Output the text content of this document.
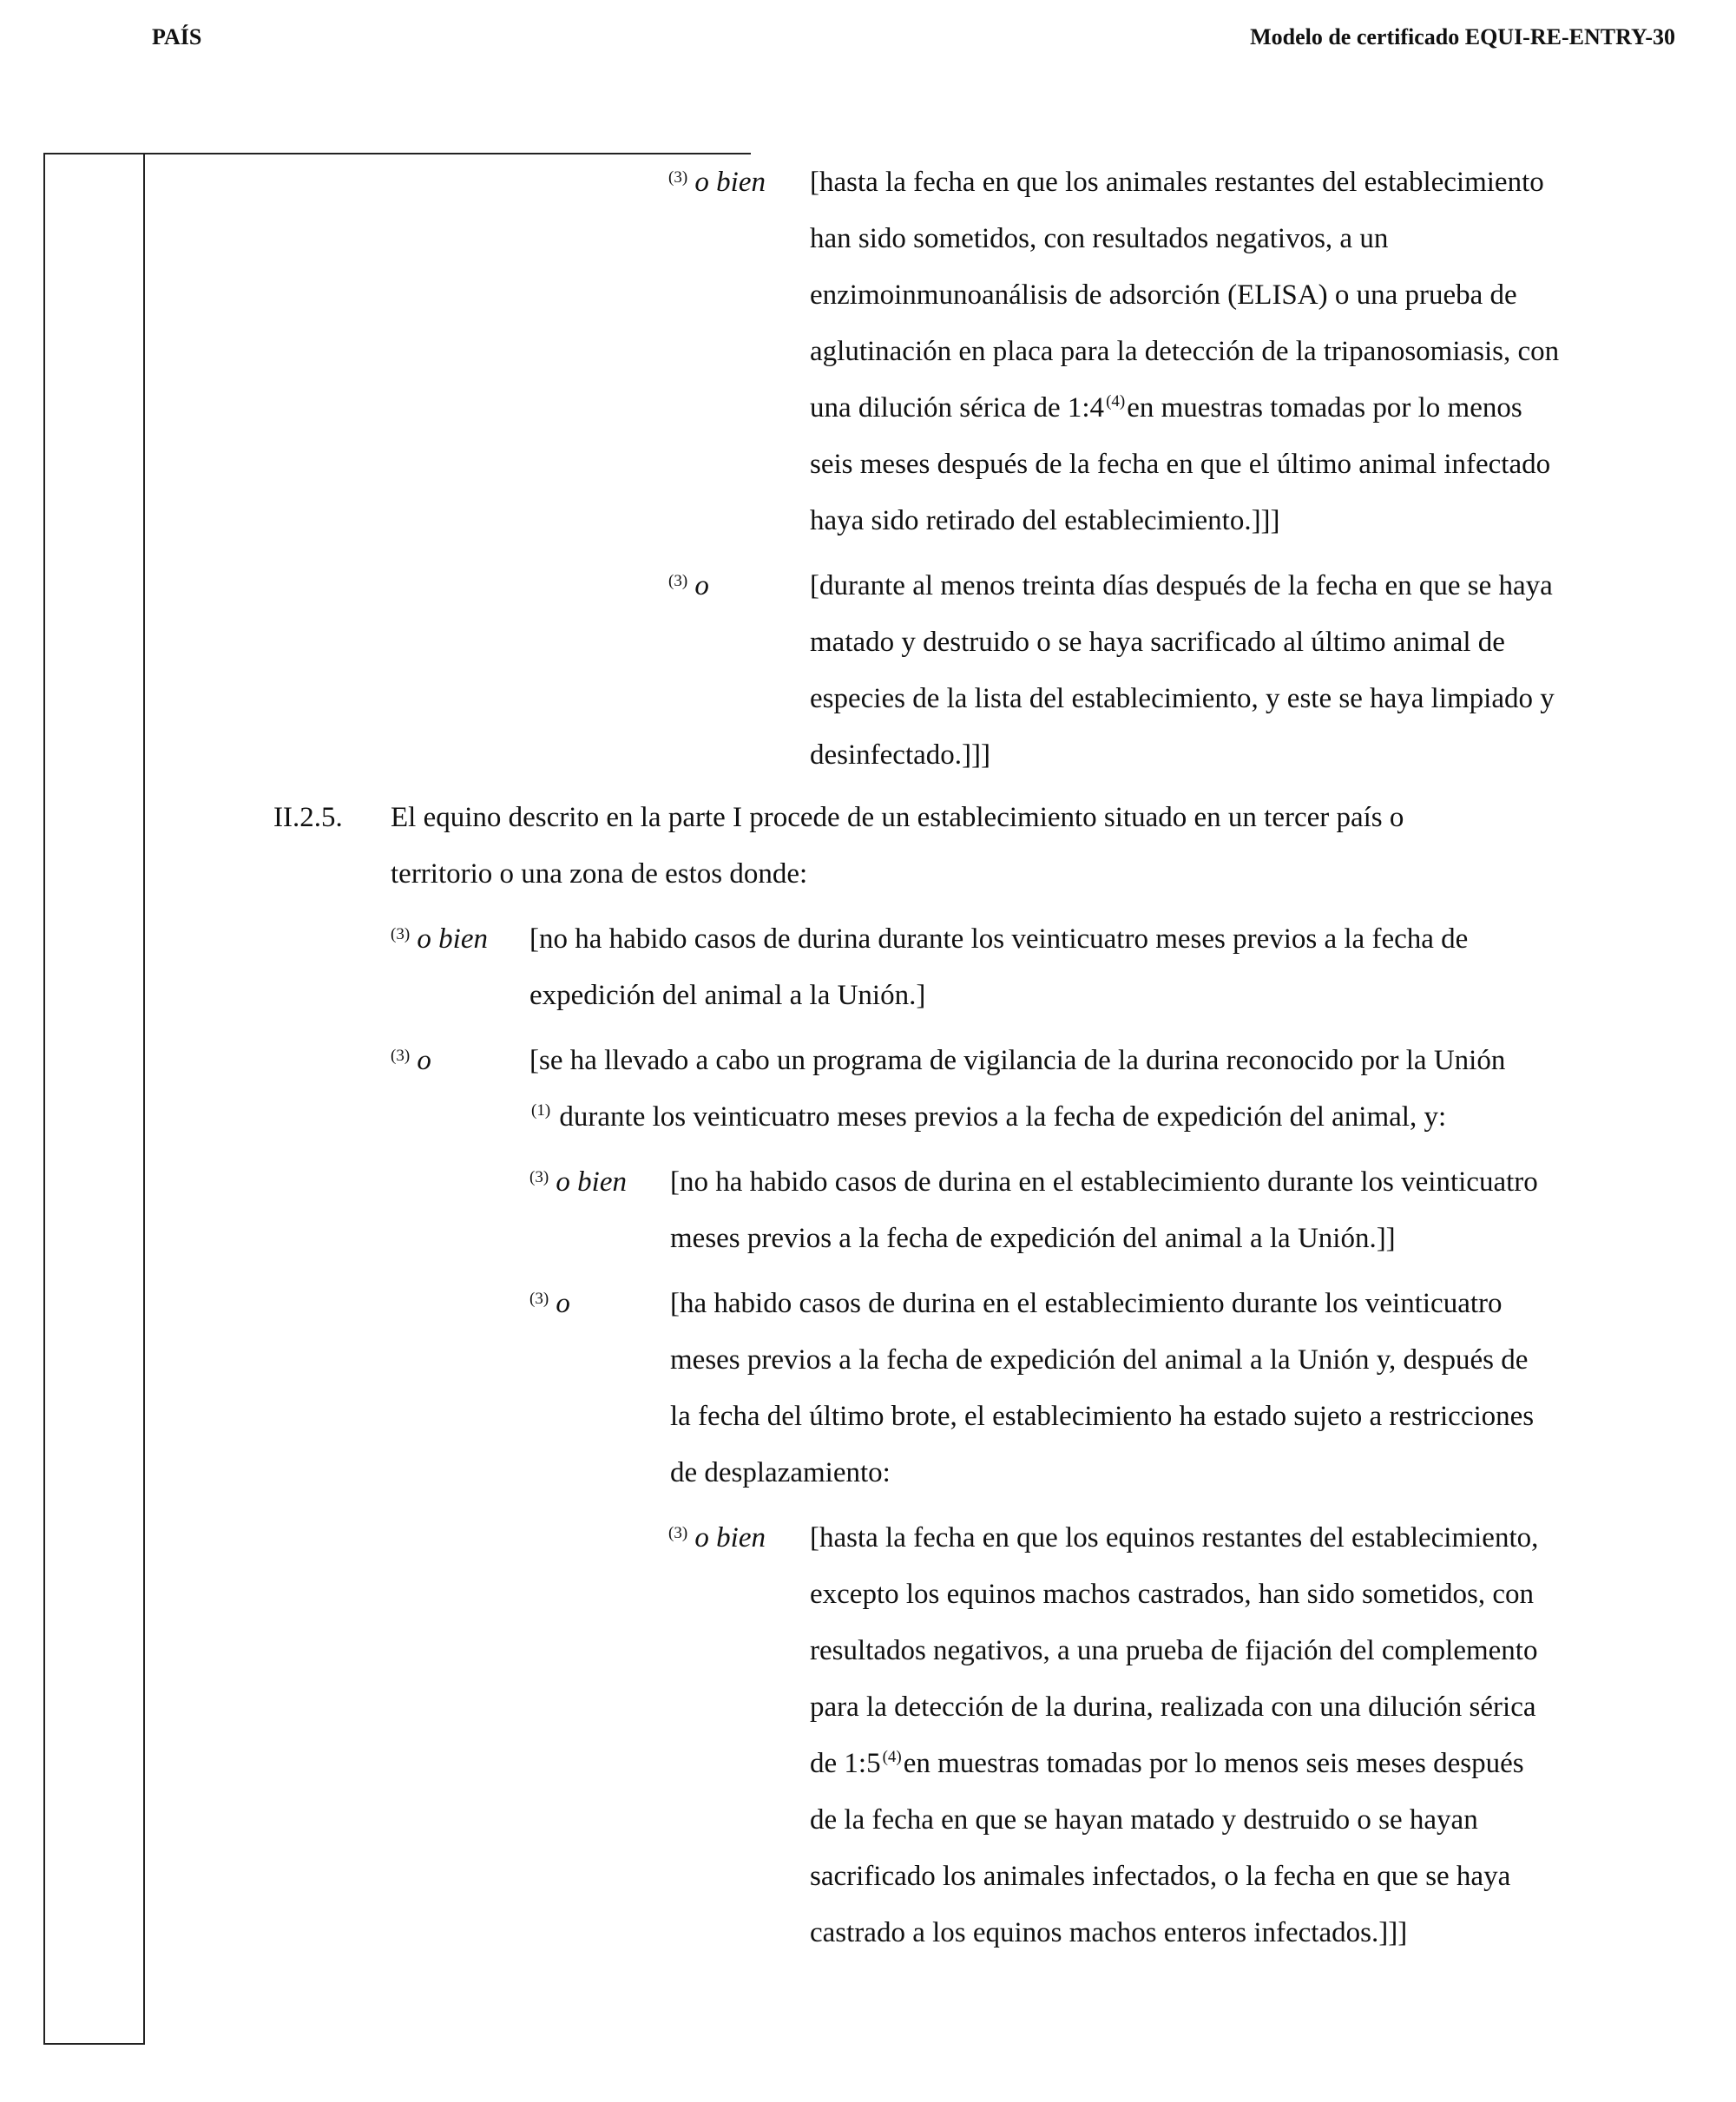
PAÍS	Modelo de certificado EQUI-RE-ENTRY-30
$^{(3)}$ o bien [hasta la fecha en que los animales restantes del establecimiento
han sido sometidos, con resultados negativos, a un
enzimoinmunoanálisis de adsorción (ELISA) o una prueba de
aglutinación en placa para la detección de la tripanosomiasis, con
una dilución sérica de 1:4 $^{(4)}$en muestras tomadas por lo menos
seis meses después de la fecha en que el último animal infectado
haya sido retirado del establecimiento.]]]
$^{(3)}$ o	[durante al menos treinta días después de la fecha en que se haya
matado y destruido o se haya sacrificado al último animal de
especies de la lista del establecimiento, y este se haya limpiado y
desinfectado.]]]
II.2.5. El equino descrito en la parte I procede de un establecimiento situado en un tercer país o
territorio o una zona de estos donde:
$^{(3)}$ o bien [no ha habido casos de durina durante los veinticuatro meses previos a la fecha de
expedición del animal a la Unión.]
$^{(3)}$ o	[se ha llevado a cabo un programa de vigilancia de la durina reconocido por la Unión
$^{(1)}$ durante los veinticuatro meses previos a la fecha de expedición del animal, y:
$^{(3)}$ o bien [no ha habido casos de durina en el establecimiento durante los veinticuatro
meses previos a la fecha de expedición del animal a la Unión.]]
$^{(3)}$ o	[ha habido casos de durina en el establecimiento durante los veinticuatro
meses previos a la fecha de expedición del animal a la Unión y, después de
la fecha del último brote, el establecimiento ha estado sujeto a restricciones
de desplazamiento:
$^{(3)}$ o bien [hasta la fecha en que los equinos restantes del establecimiento,
excepto los equinos machos castrados, han sido sometidos, con
resultados negativos, a una prueba de fijación del complemento
para la detección de la durina, realizada con una dilución sérica
de 1:5 $^{(4)}$en muestras tomadas por lo menos seis meses después
de la fecha en que se hayan matado y destruido o se hayan
sacrificado los animales infectados, o la fecha en que se haya
castrado a los equinos machos enteros infectados.]]]
